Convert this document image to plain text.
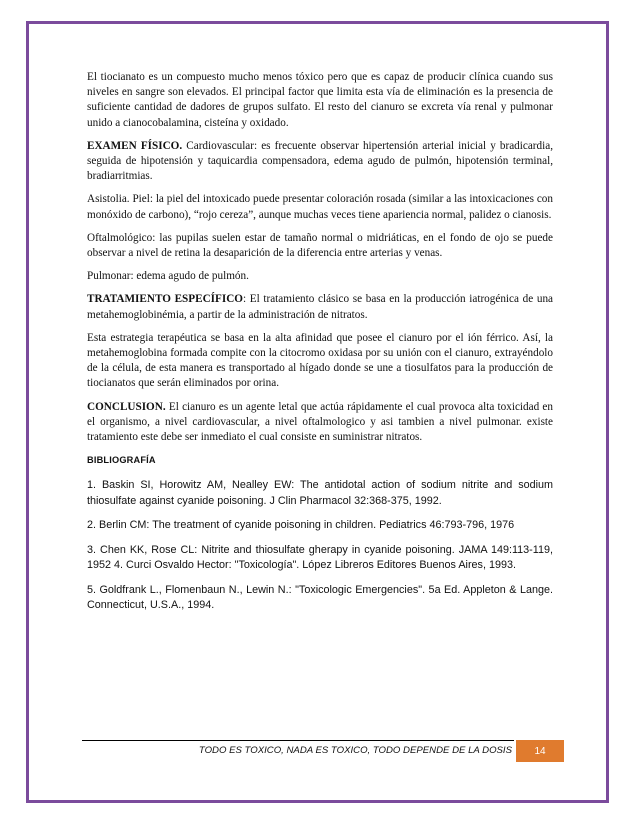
El tiocianato es un compuesto mucho menos tóxico pero que es capaz de producir clínica cuando sus niveles en sangre son elevados. El principal factor que limita esta vía de eliminación es la presencia de suficiente cantidad de dadores de grupos sulfato. El resto del cianuro se excreta vía renal y pulmonar unido a cianocobalamina, cisteína y oxidado.

EXAMEN FÍSICO. Cardiovascular: es frecuente observar hipertensión arterial inicial y bradicardia, seguida de hipotensión y taquicardia compensadora, edema agudo de pulmón, hipotensión terminal, bradiarritmias.

Asistolia. Piel: la piel del intoxicado puede presentar coloración rosada (similar a las intoxicaciones con monóxido de carbono), “rojo cereza”, aunque muchas veces tiene apariencia normal, palidez o cianosis.

Oftalmológico: las pupilas suelen estar de tamaño normal o midriáticas, en el fondo de ojo se puede observar a nivel de retina la desaparición de la diferencia entre arterias y venas.

Pulmonar: edema agudo de pulmón.

TRATAMIENTO ESPECÍFICO: El tratamiento clásico se basa en la producción iatrogénica de una metahemoglobinémia, a partir de la administración de nitratos.

Esta estrategia terapéutica se basa en la alta afinidad que posee el cianuro por el ión férrico. Así, la metahemoglobina formada compite con la citocromo oxidasa por su unión con el cianuro, extrayéndolo de la célula, de esta manera es transportado al hígado donde se une a tiosulfatos para la producción de tiocianatos que serán eliminados por orina.

CONCLUSION. El cianuro es un agente letal que actúa rápidamente el cual provoca alta toxicidad en el organismo, a nivel cardiovascular, a nivel oftalmologico y asi tambien a nivel pulmonar. existe tratamiento este debe ser inmediato el cual consiste en suministrar nitratos.

BIBLIOGRAFÍA

1. Baskin SI, Horowitz AM, Nealley EW: The antidotal action of sodium nitrite and sodium thiosulfate against cyanide poisoning. J Clin Pharmacol 32:368-375, 1992.

2. Berlin CM: The treatment of cyanide poisoning in children. Pediatrics 46:793-796, 1976

3. Chen KK, Rose CL: Nitrite and thiosulfate gherapy in cyanide poisoning. JAMA 149:113-119, 1952 4. Curci Osvaldo Hector: "Toxicología". López Libreros Editores Buenos Aires, 1993.

5. Goldfrank L., Flomenbaun N., Lewin N.: "Toxicologic Emergencies". 5a Ed. Appleton & Lange. Connecticut, U.S.A., 1994.

TODO ES TOXICO, NADA ES TOXICO, TODO DEPENDE DE LA DOSIS	14
